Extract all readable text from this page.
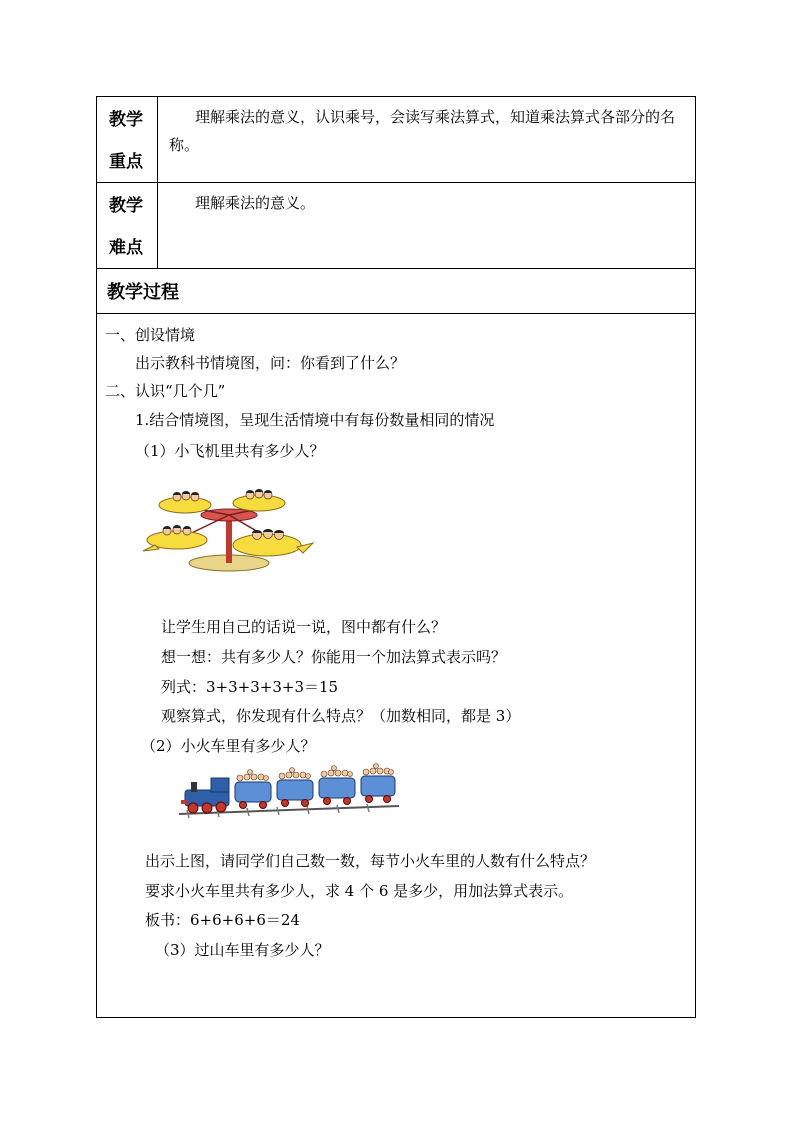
教学
重点
理解乘法的意义，认识乘号，会读写乘法算式，知道乘法算式各部分的名称。
教学
难点
理解乘法的意义。
教学过程
一、创设情境
出示教科书情境图，问：你看到了什么？
二、认识“几个几”
1.结合情境图，呈现生活情境中有每份数量相同的情况
（1）小飞机里共有多少人？
让学生用自己的话说一说，图中都有什么？
想一想：共有多少人？你能用一个加法算式表示吗？
列式：3+3+3+3+3＝15
观察算式，你发现有什么特点？（加数相同，都是 3）
（2）小火车里有多少人？
出示上图，请同学们自己数一数，每节小火车里的人数有什么特点？
要求小火车里共有多少人，求 4 个 6 是多少，用加法算式表示。
板书：6+6+6+6＝24
（3）过山车里有多少人？
